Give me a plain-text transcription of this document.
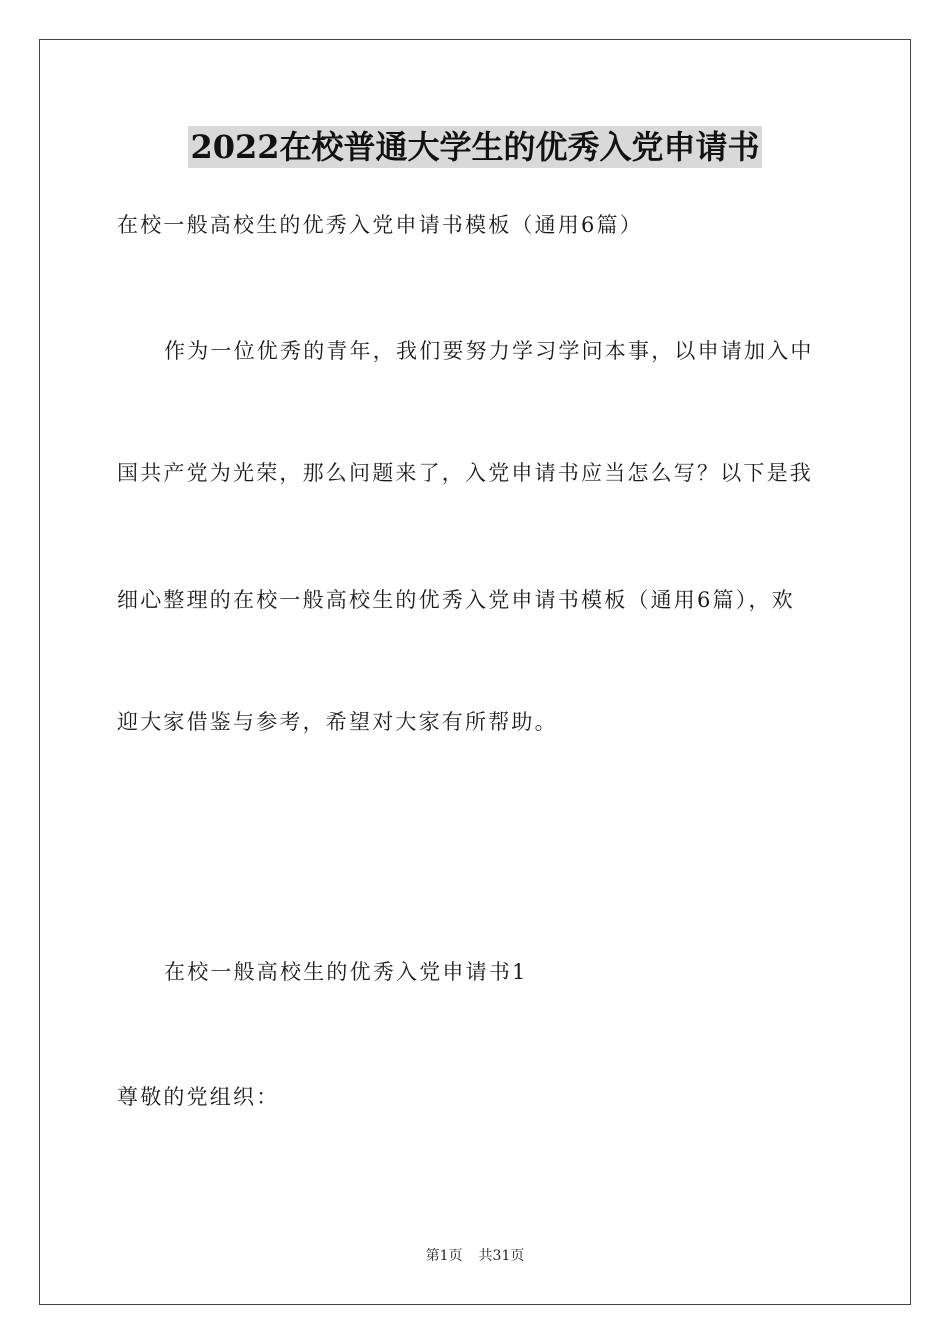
2022在校普通大学生的优秀入党申请书
在校一般高校生的优秀入党申请书模板（通用6篇）
作为一位优秀的青年，我们要努力学习学问本事，以申请加入中
国共产党为光荣，那么问题来了，入党申请书应当怎么写？以下是我
细心整理的在校一般高校生的优秀入党申请书模板（通用6篇），欢
迎大家借鉴与参考，希望对大家有所帮助。
在校一般高校生的优秀入党申请书1
尊敬的党组织：
第1页 共31页
